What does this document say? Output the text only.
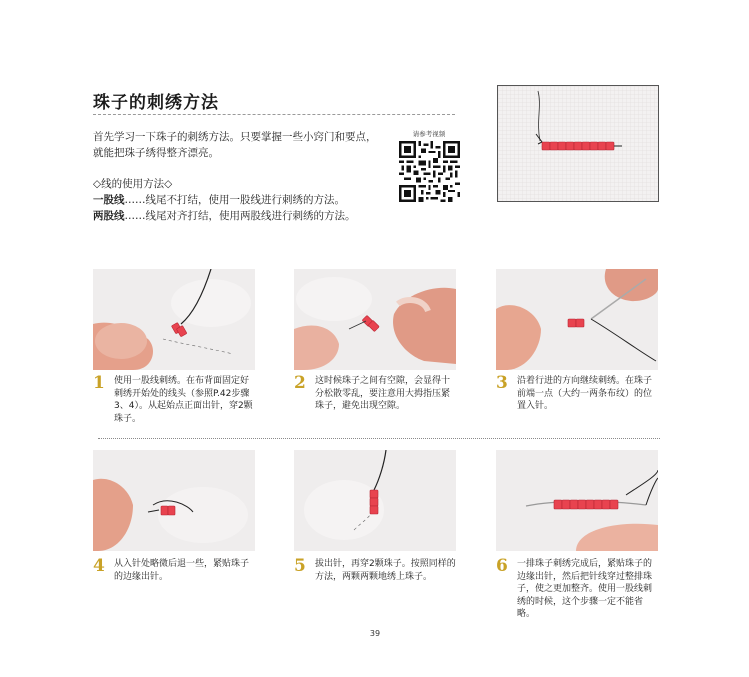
珠子的刺绣方法
首先学习一下珠子的刺绣方法。只要掌握一些小窍门和要点，就能把珠子绣得整齐漂亮。
请参考视频
◇线的使用方法◇
一股线……线尾不打结，使用一股线进行刺绣的方法。
两股线……线尾对齐打结，使用两股线进行刺绣的方法。
1 使用一股线刺绣。在布背面固定好刺绣开始处的线头（参照P.42步骤3、4）。从起始点正面出针，穿2颗珠子。
2 这时候珠子之间有空隙，会显得十分松散零乱，要注意用大拇指压紧珠子，避免出现空隙。
3 沿着行进的方向继续刺绣。在珠子前端一点（大约一两条布纹）的位置入针。
4 从入针处略微后退一些，紧贴珠子的边缘出针。
5 拔出针，再穿2颗珠子。按照同样的方法，两颗两颗地绣上珠子。
6 一排珠子刺绣完成后，紧贴珠子的边缘出针，然后把针线穿过整排珠子，使之更加整齐。使用一股线刺绣的时候，这个步骤一定不能省略。
39
